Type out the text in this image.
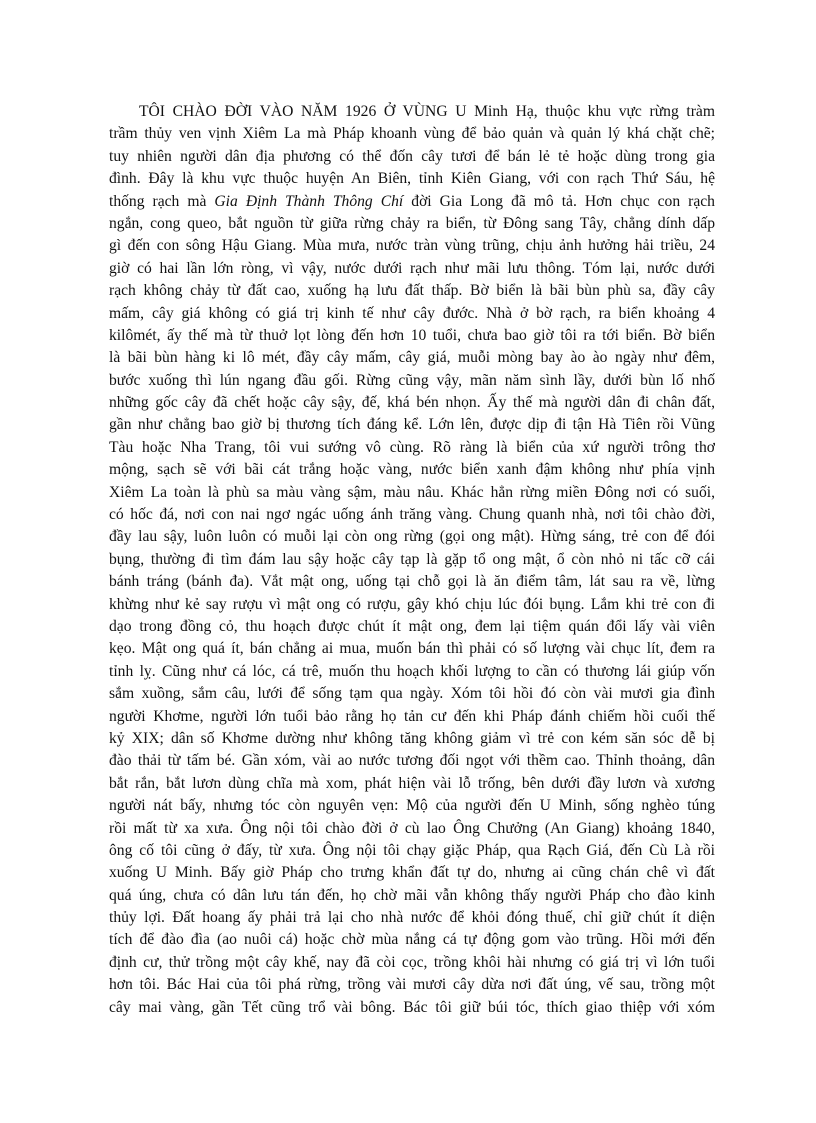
TÔI CHÀO ĐỜI VÀO NĂM 1926 Ở VÙNG U Minh Hạ, thuộc khu vực rừng tràm
trầm thủy ven vịnh Xiêm La mà Pháp khoanh vùng để bảo quản và quản lý khá chặt chẽ;
tuy nhiên người dân địa phương có thể đốn cây tươi để bán lẻ tẻ hoặc dùng trong gia
đình. Đây là khu vực thuộc huyện An Biên, tỉnh Kiên Giang, với con rạch Thứ Sáu, hệ
thống rạch mà Gia Định Thành Thông Chí đời Gia Long đã mô tả. Hơn chục con rạch
ngắn, cong queo, bắt nguồn từ giữa rừng chảy ra biển, từ Đông sang Tây, chẳng dính dấp
gì đến con sông Hậu Giang. Mùa mưa, nước tràn vùng trũng, chịu ảnh hưởng hải triều, 24
giờ có hai lần lớn ròng, vì vậy, nước dưới rạch như mãi lưu thông. Tóm lại, nước dưới
rạch không chảy từ đất cao, xuống hạ lưu đất thấp. Bờ biển là bãi bùn phù sa, đầy cây
mấm, cây giá không có giá trị kinh tế như cây đước. Nhà ở bờ rạch, ra biển khoảng 4
kilômét, ấy thế mà từ thuở lọt lòng đến hơn 10 tuổi, chưa bao giờ tôi ra tới biển. Bờ biển
là bãi bùn hàng ki lô mét, đầy cây mấm, cây giá, muỗi mòng bay ào ào ngày như đêm,
bước xuống thì lún ngang đầu gối. Rừng cũng vậy, mãn năm sình lầy, dưới bùn lố nhố
những gốc cây đã chết hoặc cây sậy, đế, khá bén nhọn. Ấy thế mà người dân đi chân đất,
gần như chẳng bao giờ bị thương tích đáng kể. Lớn lên, được dịp đi tận Hà Tiên rồi Vũng
Tàu hoặc Nha Trang, tôi vui sướng vô cùng. Rõ ràng là biển của xứ người trông thơ
mộng, sạch sẽ với bãi cát trắng hoặc vàng, nước biển xanh đậm không như phía vịnh
Xiêm La toàn là phù sa màu vàng sậm, màu nâu. Khác hẳn rừng miền Đông nơi có suối,
có hốc đá, nơi con nai ngơ ngác uống ánh trăng vàng. Chung quanh nhà, nơi tôi chào đời,
đầy lau sậy, luôn luôn có muỗi lại còn ong rừng (gọi ong mật). Hừng sáng, trẻ con để đói
bụng, thường đi tìm đám lau sậy hoặc cây tạp là gặp tổ ong mật, ổ còn nhỏ ni tấc cỡ cái
bánh tráng (bánh đa). Vắt mật ong, uống tại chỗ gọi là ăn điểm tâm, lát sau ra về, lừng
khừng như kẻ say rượu vì mật ong có rượu, gây khó chịu lúc đói bụng. Lắm khi trẻ con đi
dạo trong đồng cỏ, thu hoạch được chút ít mật ong, đem lại tiệm quán đổi lấy vài viên
kẹo. Mật ong quá ít, bán chẳng ai mua, muốn bán thì phải có số lượng vài chục lít, đem ra
tỉnh lỵ. Cũng như cá lóc, cá trê, muốn thu hoạch khối lượng to cần có thương lái giúp vốn
sắm xuồng, sắm câu, lưới để sống tạm qua ngày. Xóm tôi hồi đó còn vài mươi gia đình
người Khơme, người lớn tuổi bảo rằng họ tản cư đến khi Pháp đánh chiếm hồi cuối thế
kỷ XIX; dân số Khơme dường như không tăng không giảm vì trẻ con kém săn sóc dễ bị
đào thải từ tấm bé. Gần xóm, vài ao nước tương đối ngọt với thềm cao. Thỉnh thoảng, dân
bắt rắn, bắt lươn dùng chĩa mà xom, phát hiện vài lỗ trống, bên dưới đầy lươn và xương
người nát bấy, nhưng tóc còn nguyên vẹn: Mộ của người đến U Minh, sống nghèo túng
rồi mất từ xa xưa. Ông nội tôi chào đời ở cù lao Ông Chưởng (An Giang) khoảng 1840,
ông cố tôi cũng ở đấy, từ xưa. Ông nội tôi chạy giặc Pháp, qua Rạch Giá, đến Cù Là rồi
xuống U Minh. Bấy giờ Pháp cho trưng khẩn đất tự do, nhưng ai cũng chán chê vì đất
quá úng, chưa có dân lưu tán đến, họ chờ mãi vẫn không thấy người Pháp cho đào kinh
thủy lợi. Đất hoang ấy phải trả lại cho nhà nước để khỏi đóng thuế, chỉ giữ chút ít diện
tích để đào đìa (ao nuôi cá) hoặc chờ mùa nắng cá tự động gom vào trũng. Hồi mới đến
định cư, thử trồng một cây khế, nay đã còi cọc, trồng khôi hài nhưng có giá trị vì lớn tuổi
hơn tôi. Bác Hai của tôi phá rừng, trồng vài mươi cây dừa nơi đất úng, vế sau, trồng một
cây mai vàng, gần Tết cũng trổ vài bông. Bác tôi giữ búi tóc, thích giao thiệp với xóm
